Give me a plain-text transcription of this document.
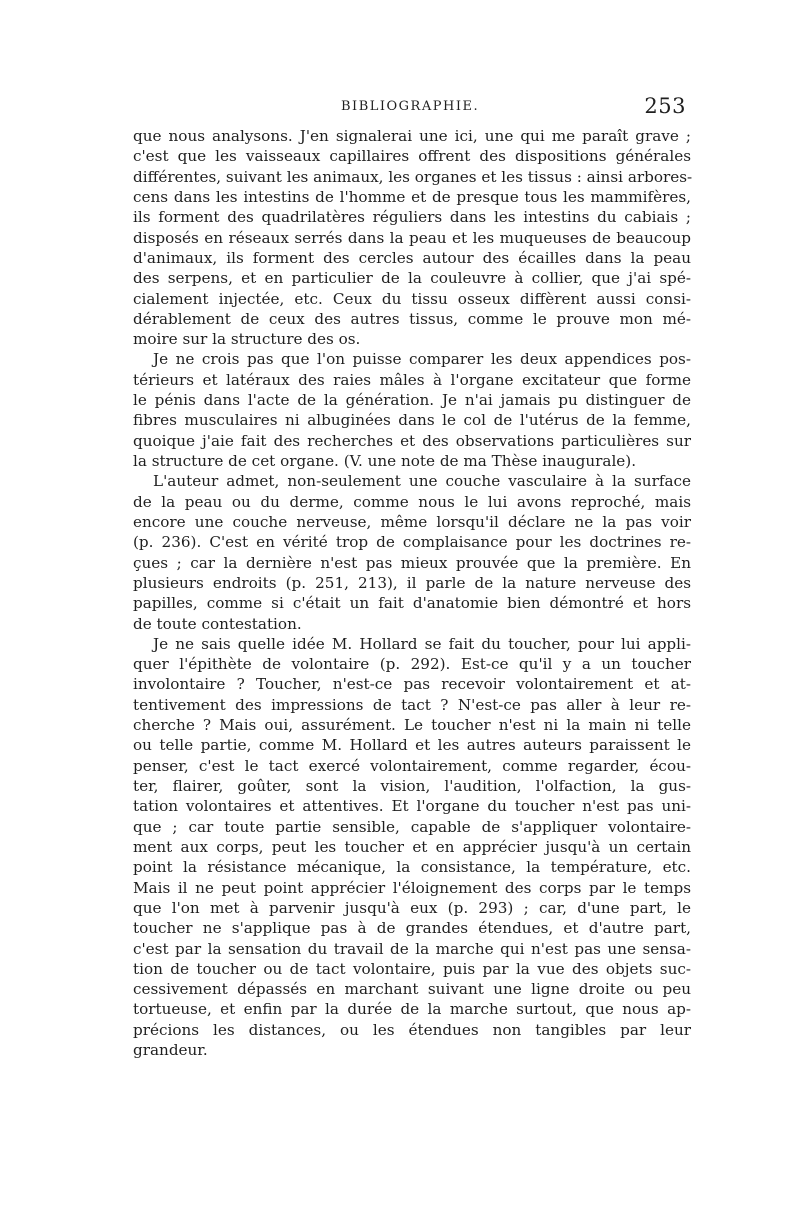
BIBLIOGRAPHIE.	253
que nous analysons. J'en signalerai une ici, une qui me paraît grave ;
c'est que les vaisseaux capillaires offrent des dispositions générales
différentes, suivant les animaux, les organes et les tissus : ainsi arbores-
cens dans les intestins de l'homme et de presque tous les mammifères,
ils forment des quadrilatères réguliers dans les intestins du cabiais ;
disposés en réseaux serrés dans la peau et les muqueuses de beaucoup
d'animaux, ils forment des cercles autour des écailles dans la peau
des serpens, et en particulier de la couleuvre à collier, que j'ai spé-
cialement injectée, etc. Ceux du tissu osseux diffèrent aussi consi-
dérablement de ceux des autres tissus, comme le prouve mon mé-
moire sur la structure des os.
Je ne crois pas que l'on puisse comparer les deux appendices pos-
térieurs et latéraux des raies mâles à l'organe excitateur que forme
le pénis dans l'acte de la génération. Je n'ai jamais pu distinguer de
fibres musculaires ni albuginées dans le col de l'utérus de la femme,
quoique j'aie fait des recherches et des observations particulières sur
la structure de cet organe. (V. une note de ma Thèse inaugurale).
L'auteur admet, non-seulement une couche vasculaire à la surface
de la peau ou du derme, comme nous le lui avons reproché, mais
encore une couche nerveuse, même lorsqu'il déclare ne la pas voir
(p. 236). C'est en vérité trop de complaisance pour les doctrines re-
çues ; car la dernière n'est pas mieux prouvée que la première. En
plusieurs endroits (p. 251, 213), il parle de la nature nerveuse des
papilles, comme si c'était un fait d'anatomie bien démontré et hors
de toute contestation.
Je ne sais quelle idée M. Hollard se fait du toucher, pour lui appli-
quer l'épithète de volontaire (p. 292). Est-ce qu'il y a un toucher
involontaire ? Toucher, n'est-ce pas recevoir volontairement et at-
tentivement des impressions de tact ? N'est-ce pas aller à leur re-
cherche ? Mais oui, assurément. Le toucher n'est ni la main ni telle
ou telle partie, comme M. Hollard et les autres auteurs paraissent le
penser, c'est le tact exercé volontairement, comme regarder, écou-
ter, flairer, goûter, sont la vision, l'audition, l'olfaction, la gus-
tation volontaires et attentives. Et l'organe du toucher n'est pas uni-
que ; car toute partie sensible, capable de s'appliquer volontaire-
ment aux corps, peut les toucher et en apprécier jusqu'à un certain
point la résistance mécanique, la consistance, la température, etc.
Mais il ne peut point apprécier l'éloignement des corps par le temps
que l'on met à parvenir jusqu'à eux (p. 293) ; car, d'une part, le
toucher ne s'applique pas à de grandes étendues, et d'autre part,
c'est par la sensation du travail de la marche qui n'est pas une sensa-
tion de toucher ou de tact volontaire, puis par la vue des objets suc-
cessivement dépassés en marchant suivant une ligne droite ou peu
tortueuse, et enfin par la durée de la marche surtout, que nous ap-
précions les distances, ou les étendues non tangibles par leur
grandeur.
